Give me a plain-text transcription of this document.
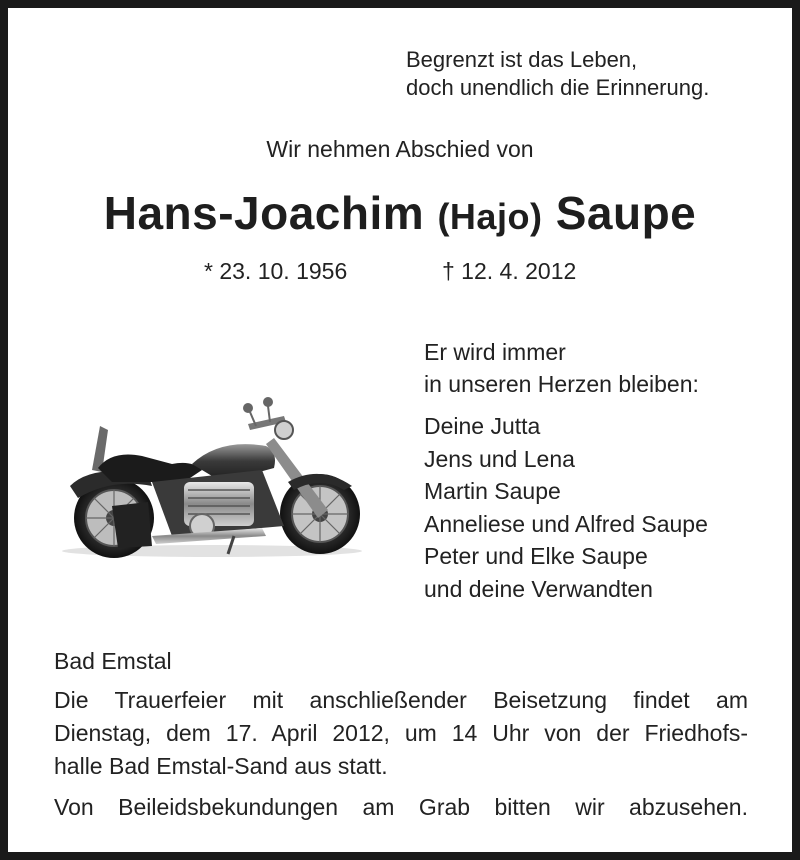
Begrenzt ist das Leben,
doch unendlich die Erinnerung.
Wir nehmen Abschied von
Hans-Joachim (Hajo) Saupe
* 23. 10. 1956	† 12. 4. 2012
Er wird immer
in unseren Herzen bleiben:
Deine Jutta
Jens und Lena
Martin Saupe
Anneliese und Alfred Saupe
Peter und Elke Saupe
und deine Verwandten
Bad Emstal
Die Trauerfeier mit anschließender Beisetzung findet am
Dienstag, dem 17. April 2012, um 14 Uhr von der Friedhofs-
halle Bad Emstal-Sand aus statt.
Von Beileidsbekundungen am Grab bitten wir abzusehen.
